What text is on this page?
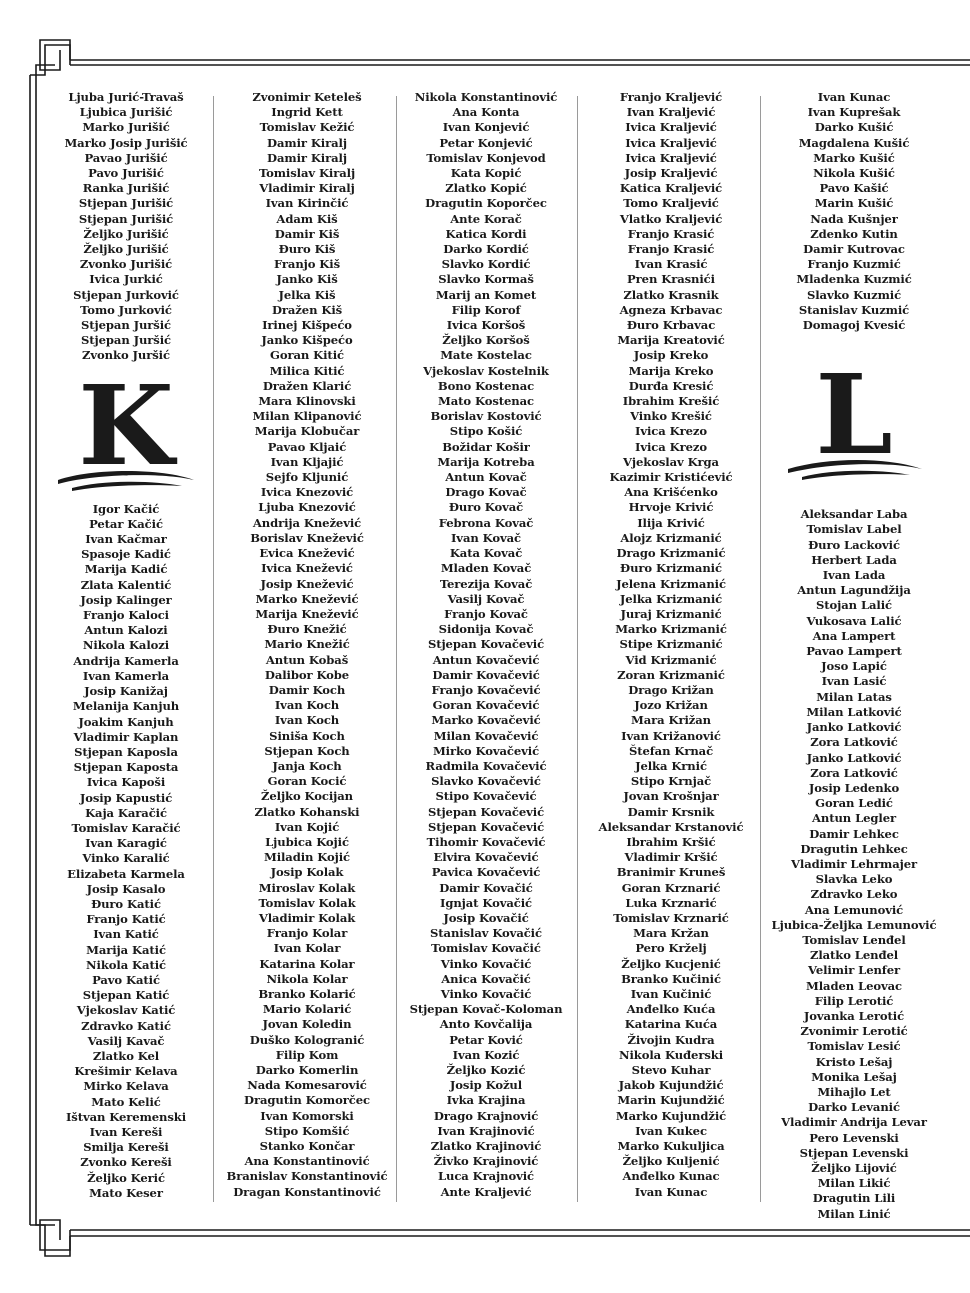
Ljuba Jurić-Travaš
Ljubica Jurišić
Marko Jurišić
Marko Josip Jurišić
Pavao Jurišić
Pavo Jurišić
Ranka Jurišić
Stjepan Jurišić
Stjepan Jurišić
Željko Jurišić
Željko Jurišić
Zvonko Jurišić
Ivica Jurkić
Stjepan Jurković
Tomo Jurković
Stjepan Juršić
Stjepan Juršić
Zvonko Juršić
K
Igor Kačić
Petar Kačić
Ivan Kačmar
Spasoje Kadić
Marija Kadić
Zlata Kalentić
Josip Kalinger
Franjo Kaloci
Antun Kalozi
Nikola Kalozi
Andrija Kamerla
Ivan Kamerla
Josip Kanižaj
Melanija Kanjuh
Joakim Kanjuh
Vladimir Kaplan
Stjepan Kaposla
Stjepan Kaposta
Ivica Kapoši
Josip Kapustić
Kaja Karačić
Tomislav Karačić
Ivan Karagić
Vinko Karalić
Elizabeta Karmela
Josip Kasalo
Đuro Katić
Franjo Katić
Ivan Katić
Marija Katić
Nikola Katić
Pavo Katić
Stjepan Katić
Vjekoslav Katić
Zdravko Katić
Vasilj Kavač
Zlatko Kel
Krešimir Kelava
Mirko Kelava
Mato Kelić
Ištvan Keremenski
Ivan Kereši
Smilja Kereši
Zvonko Kereši
Željko Kerić
Mato Keser
Zvonimir Keteleš
Ingrid Kett
Tomislav Kežić
Damir Kiralj
Damir Kiralj
Tomislav Kiralj
Vladimir Kiralj
Ivan Kirinčić
Adam Kiš
Damir Kiš
Đuro Kiš
Franjo Kiš
Janko Kiš
Jelka Kiš
Dražen Kiš
Irinej Kišpećo
Janko Kišpećo
Goran Kitić
Milica Kitić
Dražen Klarić
Mara Klinovski
Milan Klipanović
Marija Klobučar
Pavao Kljaić
Ivan Kljajić
Sejfo Kljunić
Ivica Knezović
Ljuba Knezović
Andrija Knežević
Borislav Knežević
Evica Knežević
Ivica Knežević
Josip Knežević
Marko Knežević
Marija Knežević
Đuro Knežić
Mario Knežić
Antun Kobaš
Dalibor Kobe
Damir Koch
Ivan Koch
Ivan Koch
Siniša Koch
Stjepan Koch
Janja Koch
Goran Kocić
Željko Kocijan
Zlatko Kohanski
Ivan Kojić
Ljubica Kojić
Miladin Kojić
Josip Kolak
Miroslav Kolak
Tomislav Kolak
Vladimir Kolak
Franjo Kolar
Ivan Kolar
Katarina Kolar
Nikola Kolar
Branko Kolarić
Mario Kolarić
Jovan Koledin
Duško Kologranić
Filip Kom
Darko Komerlin
Nada Komesarović
Dragutin Komorčec
Ivan Komorski
Stipo Komšić
Stanko Končar
Ana Konstantinović
Branislav Konstantinović
Dragan Konstantinović
Nikola Konstantinović
Ana Konta
Ivan Konjević
Petar Konjević
Tomislav Konjevod
Kata Kopić
Zlatko Kopić
Dragutin Koporčec
Ante Korač
Katica Kordi
Darko Kordić
Slavko Kordić
Slavko Kormaš
Marij an Komet
Filip Korof
Ivica Koršoš
Željko Koršoš
Mate Kostelac
Vjekoslav Kostelnik
Bono Kostenac
Mato Kostenac
Borislav Kostović
Stipo Košić
Božidar Košir
Marija Kotreba
Antun Kovač
Drago Kovač
Đuro Kovač
Febrona Kovač
Ivan Kovač
Kata Kovač
Mladen Kovač
Terezija Kovač
Vasilj Kovač
Franjo Kovač
Sidonija Kovač
Stjepan Kovačević
Antun Kovačević
Damir Kovačević
Franjo Kovačević
Goran Kovačević
Marko Kovačević
Milan Kovačević
Mirko Kovačević
Radmila Kovačević
Slavko Kovačević
Stipo Kovačević
Stjepan Kovačević
Stjepan Kovačević
Tihomir Kovačević
Elvira Kovačević
Pavica Kovačević
Damir Kovačić
Ignjat Kovačić
Josip Kovačić
Stanislav Kovačić
Tomislav Kovačić
Vinko Kovačić
Anica Kovačić
Vinko Kovačić
Stjepan Kovač-Koloman
Anto Kovčalija
Petar Ković
Ivan Kozić
Željko Kozić
Josip Kožul
Ivka Krajina
Drago Krajnović
Ivan Krajinović
Zlatko Krajinović
Živko Krajinović
Luca Krajnović
Ante Kraljević
Franjo Kraljević
Ivan Kraljević
Ivica Kraljević
Ivica Kraljević
Ivica Kraljević
Josip Kraljević
Katica Kraljević
Tomo Kraljević
Vlatko Kraljević
Franjo Krasić
Franjo Krasić
Ivan Krasić
Pren Krasnići
Zlatko Krasnik
Agneza Krbavac
Đuro Krbavac
Marija Kreatović
Josip Kreko
Marija Kreko
Durđa Kresić
Ibrahim Krešić
Vinko Krešić
Ivica Krezo
Ivica Krezo
Vjekoslav Krga
Kazimir Kristićević
Ana Krišćenko
Hrvoje Krivić
Ilija Krivić
Alojz Krizmanić
Drago Krizmanić
Đuro Krizmanić
Jelena Krizmanić
Jelka Krizmanić
Juraj Krizmanić
Marko Krizmanić
Stipe Krizmanić
Vid Krizmanić
Zoran Krizmanić
Drago Križan
Jozo Križan
Mara Križan
Ivan Križanović
Štefan Krnač
Jelka Krnić
Stipo Krnjač
Jovan Krošnjar
Damir Krsnik
Aleksandar Krstanović
Ibrahim Kršić
Vladimir Kršić
Branimir Kruneš
Goran Krznarić
Luka Krznarić
Tomislav Krznarić
Mara Kržan
Pero Krželj
Željko Kucjenić
Branko Kučinić
Ivan Kučinić
Anđelko Kuća
Katarina Kuća
Živojin Kudra
Nikola Kuđerski
Stevo Kuhar
Jakob Kujundžić
Marin Kujundžić
Marko Kujundžić
Ivan Kukec
Marko Kukuljica
Željko Kuljenić
Anđelko Kunac
Ivan Kunac
Ivan Kunac
Ivan Kuprešak
Darko Kušić
Magdalena Kušić
Marko Kušić
Nikola Kušić
Pavo Kašić
Marin Kušić
Nada Kušnjer
Zdenko Kutin
Damir Kutrovac
Franjo Kuzmić
Mladenka Kuzmić
Slavko Kuzmić
Stanislav Kuzmić
Domagoj Kvesić
L
Aleksandar Laba
Tomislav Label
Đuro Lacković
Herbert Lada
Ivan Lada
Antun Lagundžija
Stojan Lalić
Vukosava Lalić
Ana Lampert
Pavao Lampert
Joso Lapić
Ivan Lasić
Milan Latas
Milan Latković
Janko Latković
Zora Latković
Janko Latković
Zora Latković
Josip Ledenko
Goran Ledić
Antun Legler
Damir Lehkec
Dragutin Lehkec
Vladimir Lehrmajer
Slavka Leko
Zdravko Leko
Ana Lemunović
Ljubica-Željka Lemunović
Tomislav Lenđel
Zlatko Lenđel
Velimir Lenfer
Mladen Leovac
Filip Lerotić
Jovanka Lerotić
Zvonimir Lerotić
Tomislav Lesić
Kristo Lešaj
Monika Lešaj
Mihajlo Let
Darko Levanić
Vladimir Andrija Levar
Pero Levenski
Stjepan Levenski
Željko Lijović
Milan Likić
Dragutin Lili
Milan Linić
